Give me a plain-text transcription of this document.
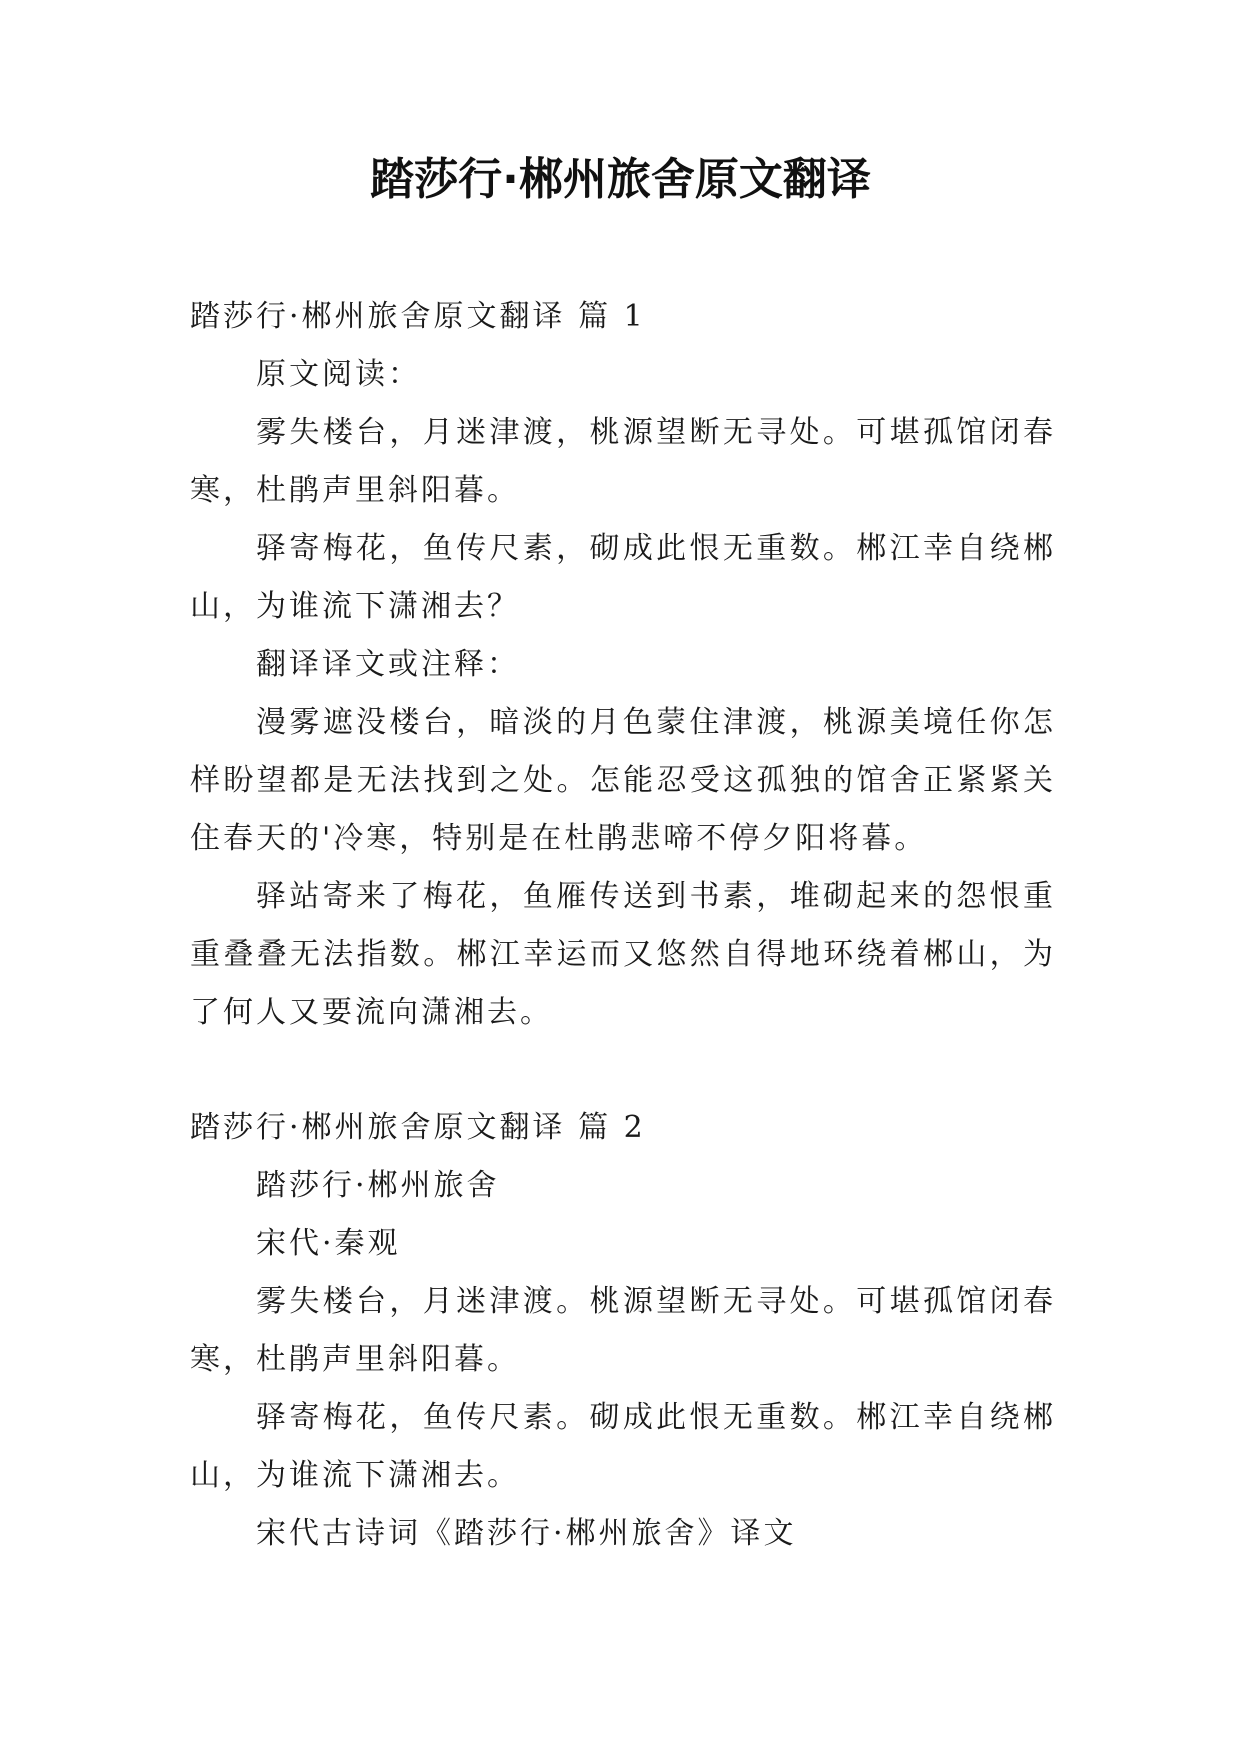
踏莎行·郴州旅舍原文翻译

踏莎行·郴州旅舍原文翻译 篇 1

原文阅读：

雾失楼台，月迷津渡，桃源望断无寻处。可堪孤馆闭春寒，杜鹃声里斜阳暮。

驿寄梅花，鱼传尺素，砌成此恨无重数。郴江幸自绕郴山，为谁流下潇湘去？

翻译译文或注释：

漫雾遮没楼台，暗淡的月色蒙住津渡，桃源美境任你怎样盼望都是无法找到之处。怎能忍受这孤独的馆舍正紧紧关住春天的'冷寒，特别是在杜鹃悲啼不停夕阳将暮。

驿站寄来了梅花，鱼雁传送到书素，堆砌起来的怨恨重重叠叠无法指数。郴江幸运而又悠然自得地环绕着郴山，为了何人又要流向潇湘去。

踏莎行·郴州旅舍原文翻译 篇 2

踏莎行·郴州旅舍

宋代·秦观

雾失楼台，月迷津渡。桃源望断无寻处。可堪孤馆闭春寒，杜鹃声里斜阳暮。

驿寄梅花，鱼传尺素。砌成此恨无重数。郴江幸自绕郴山，为谁流下潇湘去。

宋代古诗词《踏莎行·郴州旅舍》译文
